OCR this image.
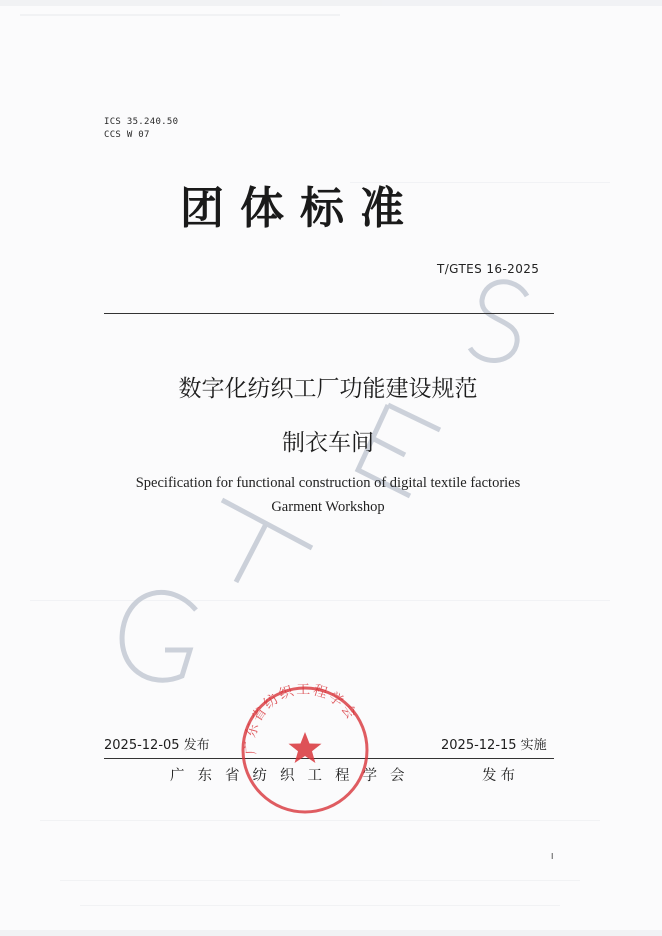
ICS 35.240.50
CCS W 07
团体标准
T/GTES 16-2025
数字化纺织工厂功能建设规范
制衣车间
Specification for functional construction of digital textile factories
Garment Workshop
2025-12-05 发布	2025-12-15 实施
广东省纺织工程学会	发布
广东省纺织工程学会
I
